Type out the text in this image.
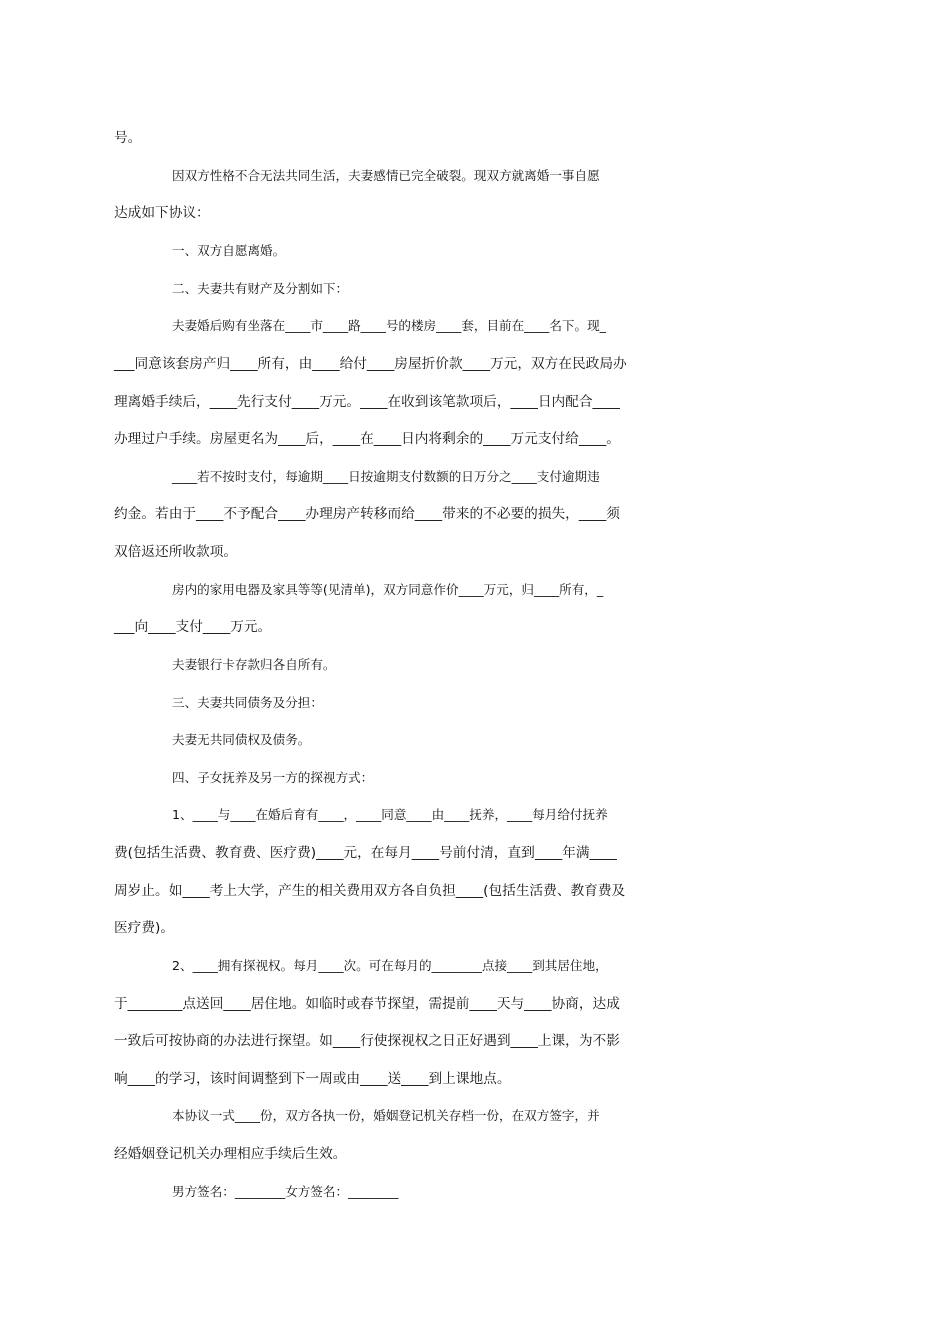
号。
因双方性格不合无法共同生活，夫妻感情已完全破裂。现双方就离婚一事自愿
达成如下协议：
一、双方自愿离婚。
二、夫妻共有财产及分割如下：
夫妻婚后购有坐落在____市____路____号的楼房____套，目前在____名下。现_
___同意该套房产归____所有，由____给付____房屋折价款____万元，双方在民政局办
理离婚手续后，____先行支付____万元。____在收到该笔款项后，____日内配合____
办理过户手续。房屋更名为____后，____在____日内将剩余的____万元支付给____。
____若不按时支付，每逾期____日按逾期支付数额的日万分之____支付逾期违
约金。若由于____不予配合____办理房产转移而给____带来的不必要的损失，____须
双倍返还所收款项。
房内的家用电器及家具等等(见清单)，双方同意作价____万元，归____所有，_
___向____支付____万元。
夫妻银行卡存款归各自所有。
三、夫妻共同债务及分担：
夫妻无共同债权及债务。
四、子女抚养及另一方的探视方式：
1、____与____在婚后育有____，____同意____由____抚养，____每月给付抚养
费(包括生活费、教育费、医疗费)____元，在每月____号前付清，直到____年满____
周岁止。如____考上大学，产生的相关费用双方各自负担____(包括生活费、教育费及
医疗费)。
2、____拥有探视权。每月____次。可在每月的________点接____到其居住地，
于________点送回____居住地。如临时或春节探望，需提前____天与____协商，达成
一致后可按协商的办法进行探望。如____行使探视权之日正好遇到____上课，为不影
响____的学习，该时间调整到下一周或由____送____到上课地点。
本协议一式____份，双方各执一份，婚姻登记机关存档一份，在双方签字，并
经婚姻登记机关办理相应手续后生效。
男方签名：________女方签名：________
